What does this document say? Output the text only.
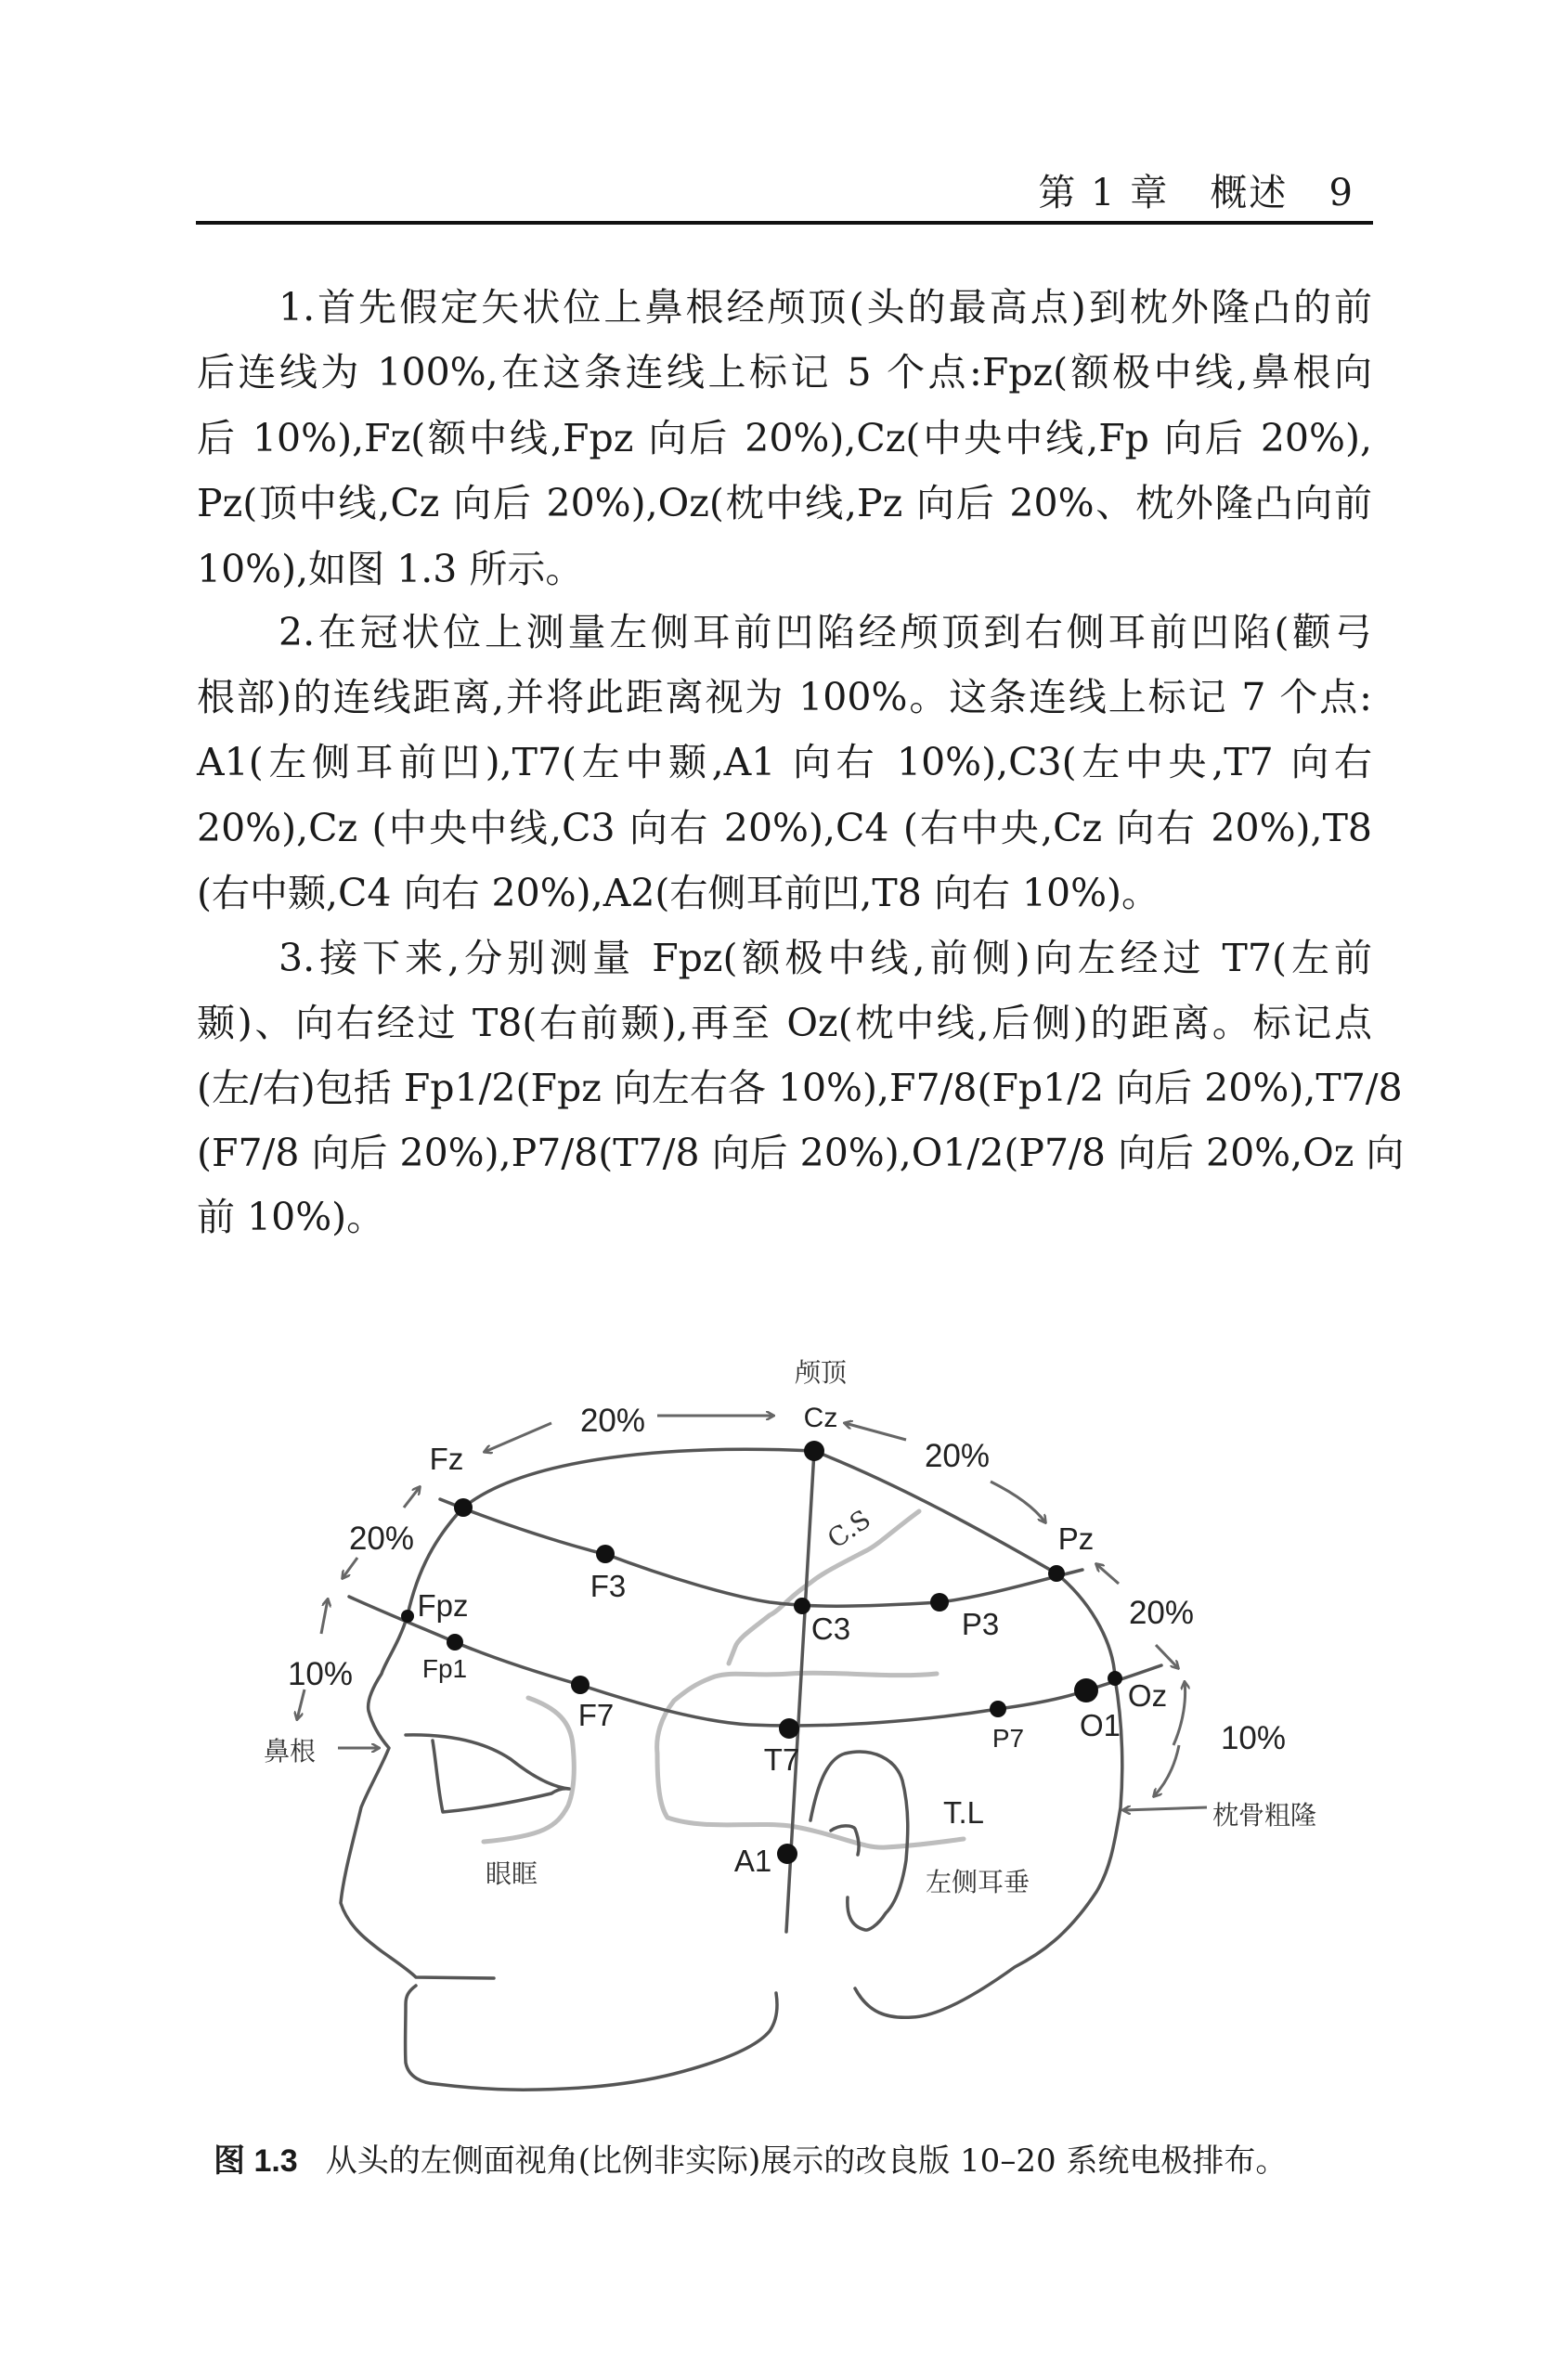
第 1 章 概述 9
1.首先假定矢状位上鼻根经颅顶(头的最高点)到枕外隆凸的前
后连线为 100%,在这条连线上标记 5 个点:Fpz(额极中线,鼻根向
后 10%),Fz(额中线,Fpz 向后 20%),Cz(中央中线,Fp 向后 20%),
Pz(顶中线,Cz 向后 20%),Oz(枕中线,Pz 向后 20%、枕外隆凸向前
10%),如图 1.3 所示。
2.在冠状位上测量左侧耳前凹陷经颅顶到右侧耳前凹陷(颧弓
根部)的连线距离,并将此距离视为 100%。这条连线上标记 7 个点:
A1(左侧耳前凹),T7(左中颞,A1 向右 10%),C3(左中央,T7 向右
20%),Cz (中央中线,C3 向右 20%),C4 (右中央,Cz 向右 20%),T8
(右中颞,C4 向右 20%),A2(右侧耳前凹,T8 向右 10%)。
3.接下来,分别测量 Fpz(额极中线,前侧)向左经过 T7(左前
颞)、向右经过 T8(右前颞),再至 Oz(枕中线,后侧)的距离。标记点
(左/右)包括 Fp1/2(Fpz 向左右各 10%),F7/8(Fp1/2 向后 20%),T7/8
(F7/8 向后 20%),P7/8(T7/8 向后 20%),O1/2(P7/8 向后 20%,Oz 向
前 10%)。
颅顶
Cz
20%
Fz	20%
Pz
20%	C.S
Fpz
F3
C3	P3	20%
10%	Fp1
F7
Oz
O1
P7	10%
鼻根	T7
T.L	枕骨粗隆
眼眶	A1
左侧耳垂
图 1.3 从头的左侧面视角(比例非实际)展示的改良版 10–20 系统电极排布。
